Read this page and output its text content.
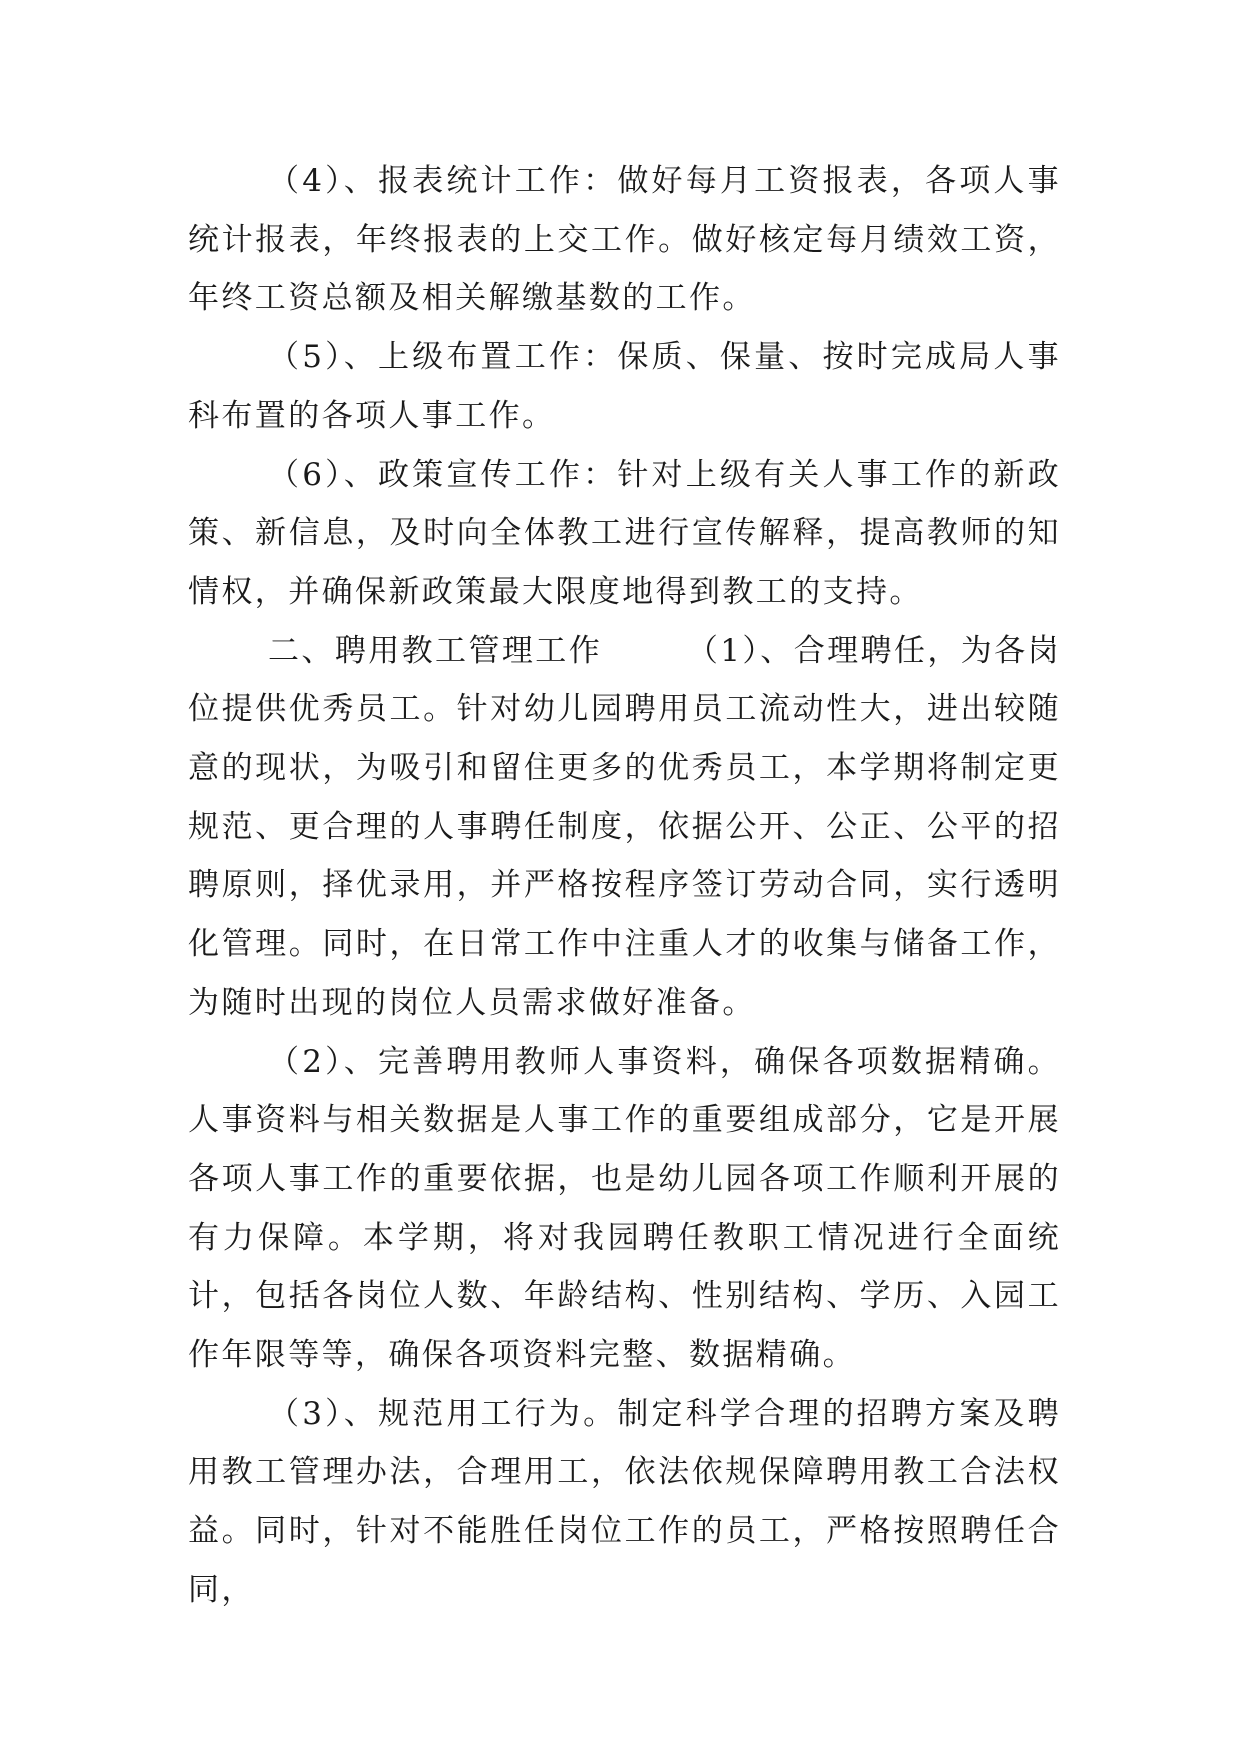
（4）、报表统计工作：做好每月工资报表，各项人事统计报表，年终报表的上交工作。做好核定每月绩效工资，年终工资总额及相关解缴基数的工作。

（5）、上级布置工作：保质、保量、按时完成局人事科布置的各项人事工作。

（6）、政策宣传工作：针对上级有关人事工作的新政策、新信息，及时向全体教工进行宣传解释，提高教师的知情权，并确保新政策最大限度地得到教工的支持。

二、聘用教工管理工作　　　（1）、合理聘任，为各岗位提供优秀员工。针对幼儿园聘用员工流动性大，进出较随意的现状，为吸引和留住更多的优秀员工，本学期将制定更规范、更合理的人事聘任制度，依据公开、公正、公平的招聘原则，择优录用，并严格按程序签订劳动合同，实行透明化管理。同时，在日常工作中注重人才的收集与储备工作，为随时出现的岗位人员需求做好准备。

（2）、完善聘用教师人事资料，确保各项数据精确。人事资料与相关数据是人事工作的重要组成部分，它是开展各项人事工作的重要依据，也是幼儿园各项工作顺利开展的有力保障。本学期，将对我园聘任教职工情况进行全面统计，包括各岗位人数、年龄结构、性别结构、学历、入园工作年限等等，确保各项资料完整、数据精确。

（3）、规范用工行为。制定科学合理的招聘方案及聘用教工管理办法，合理用工，依法依规保障聘用教工合法权益。同时，针对不能胜任岗位工作的员工，严格按照聘任合同，
